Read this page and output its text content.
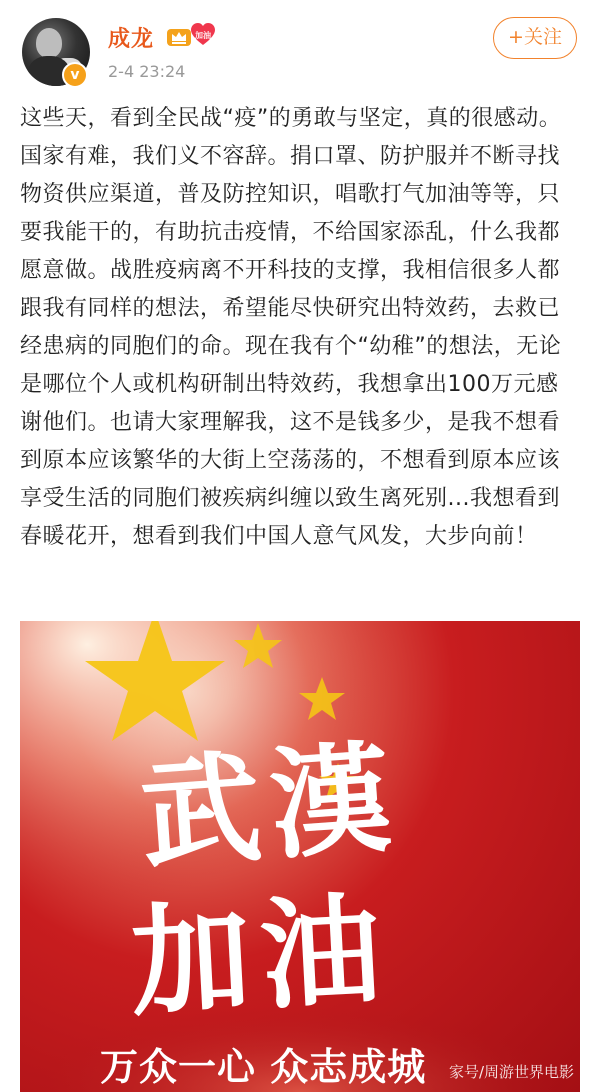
v
成龙	加油
2-4 23:24
+关注

这些天，看到全民战“疫”的勇敢与坚定，真的很感动。国家有难，我们义不容辞。捐口罩、防护服并不断寻找物资供应渠道，普及防控知识，唱歌打气加油等等，只要我能干的，有助抗击疫情，不给国家添乱，什么我都愿意做。战胜疫病离不开科技的支撑，我相信很多人都跟我有同样的想法，希望能尽快研究出特效药，去救已经患病的同胞们的命。现在我有个“幼稚”的想法，无论是哪位个人或机构研制出特效药，我想拿出100万元感谢他们。也请大家理解我，这不是钱多少，是我不想看到原本应该繁华的大街上空荡荡的，不想看到原本应该享受生活的同胞们被疾病纠缠以致生离死别...我想看到春暖花开，想看到我们中国人意气风发，大步向前！

武漢
加油
万众一心 众志成城 家号/周游世界电影
